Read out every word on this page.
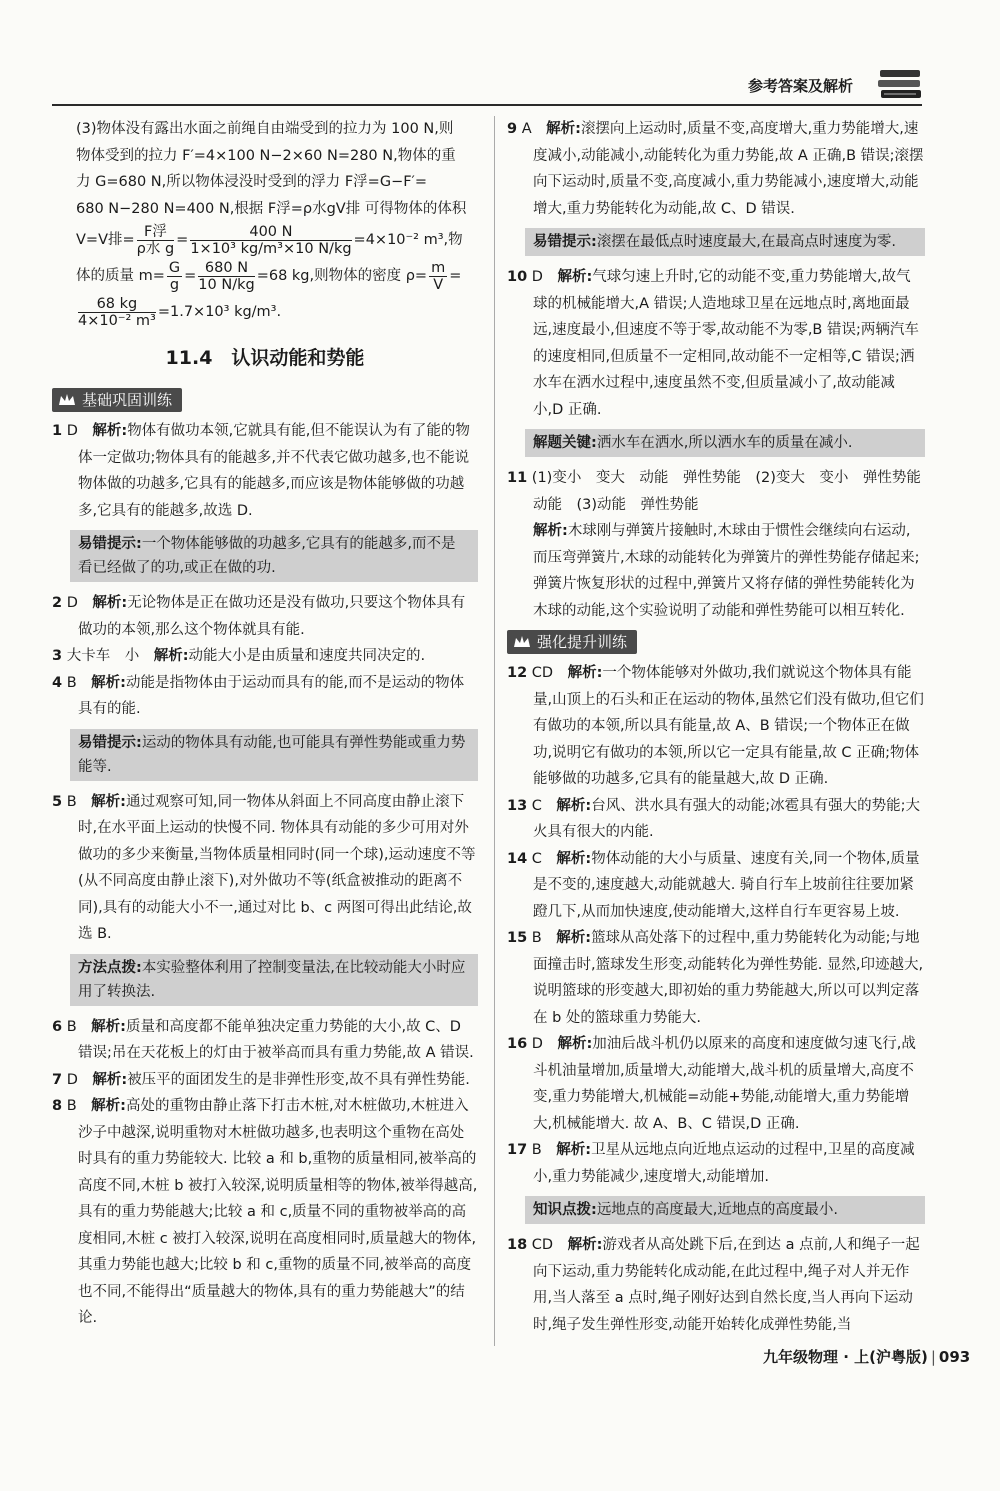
参考答案及解析
(3)物体没有露出水面之前绳自由端受到的拉力为 100 N,则
物体受到的拉力 F′=4×100 N−2×60 N=280 N,物体的重
力 G=680 N,所以物体浸没时受到的浮力 F浮=G−F′=
680 N−280 N=400 N,根据 F浮=ρ水gV排 可得物体的体积
V=V排= $\frac{\text{F浮}}{\text{ρ水 g}} = \frac{400 N}{\text{1×10³ kg/m³×10 N/kg}} =4\times 10^{-2}$ m³,物
体的质量 $m= \frac{G}{g} = \frac{680 N}{10 N/kg} =68$ kg,则物体的密度 $\rho= \frac{m}{V}$ =
$\frac{68 kg}{\text{4×10⁻² m³}} =1.7\times 10^3$ kg/m³.
11.4　认识动能和势能
基础巩固训练
1 D　 解析:物体有做功本领,它就具有能,但不能误认为有了能的物体一定做功;物体具有的能越多,并不代表它做功越多,也不能说物体做的功越多,它具有的能越多,而应该是物体能够做的功越多,它具有的能越多,故选 D.
易错提示:一个物体能够做的功越多,它具有的能越多,而不是看已经做了的功,或正在做的功.
2 D　 解析:无论物体是正在做功还是没有做功,只要这个物体具有做功的本领,那么这个物体就具有能.
3 大卡车　小　 解析:动能大小是由质量和速度共同决定的.
4 B　 解析:动能是指物体由于运动而具有的能,而不是运动的物体具有的能.
易错提示:运动的物体具有动能,也可能具有弹性势能或重力势能等.
5 B　 解析:通过观察可知,同一物体从斜面上不同高度由静止滚下时,在水平面上运动的快慢不同. 物体具有动能的多少可用对外做功的多少来衡量,当物体质量相同时(同一个球),运动速度不等(从不同高度由静止滚下),对外做功不等(纸盒被推动的距离不同),具有的动能大小不一,通过对比 b、c 两图可得出此结论,故选 B.
方法点拨:本实验整体利用了控制变量法,在比较动能大小时应用了转换法.
6 B　 解析:质量和高度都不能单独决定重力势能的大小,故 C、D 错误;吊在天花板上的灯由于被举高而具有重力势能,故 A 错误.
7 D　 解析:被压平的面团发生的是非弹性形变,故不具有弹性势能.
8 B　 解析:高处的重物由静止落下打击木桩,对木桩做功,木桩进入沙子中越深,说明重物对木桩做功越多,也表明这个重物在高处时具有的重力势能较大. 比较 a 和 b,重物的质量相同,被举高的高度不同,木桩 b 被打入较深,说明质量相等的物体,被举得越高,具有的重力势能越大;比较 a 和 c,质量不同的重物被举高的高度相同,木桩 c 被打入较深,说明在高度相同时,质量越大的物体,其重力势能也越大;比较 b 和 c,重物的质量不同,被举高的高度也不同,不能得出“质量越大的物体,具有的重力势能越大”的结论.
9 A　 解析:滚摆向上运动时,质量不变,高度增大,重力势能增大,速度减小,动能减小,动能转化为重力势能,故 A 正确,B 错误;滚摆向下运动时,质量不变,高度减小,重力势能减小,速度增大,动能增大,重力势能转化为动能,故 C、D 错误.
易错提示:滚摆在最低点时速度最大,在最高点时速度为零.
10 D　 解析:气球匀速上升时,它的动能不变,重力势能增大,故气球的机械能增大,A 错误;人造地球卫星在远地点时,离地面最远,速度最小,但速度不等于零,故动能不为零,B 错误;两辆汽车的速度相同,但质量不一定相同,故动能不一定相等,C 错误;洒水车在洒水过程中,速度虽然不变,但质量减小了,故动能减小,D 正确.
解题关键:洒水车在洒水,所以洒水车的质量在减小.
11 (1)变小　变大　动能　弹性势能　(2)变大　变小　弹性势能　动能　(3)动能　弹性势能
解析:木球刚与弹簧片接触时,木球由于惯性会继续向右运动,而压弯弹簧片,木球的动能转化为弹簧片的弹性势能存储起来;弹簧片恢复形状的过程中,弹簧片又将存储的弹性势能转化为木球的动能,这个实验说明了动能和弹性势能可以相互转化.
强化提升训练
12 CD　 解析:一个物体能够对外做功,我们就说这个物体具有能量,山顶上的石头和正在运动的物体,虽然它们没有做功,但它们有做功的本领,所以具有能量,故 A、B 错误;一个物体正在做功,说明它有做功的本领,所以它一定具有能量,故 C 正确;物体能够做的功越多,它具有的能量越大,故 D 正确.
13 C　 解析:台风、洪水具有强大的动能;冰雹具有强大的势能;大火具有很大的内能.
14 C　 解析:物体动能的大小与质量、速度有关,同一个物体,质量是不变的,速度越大,动能就越大. 骑自行车上坡前往往要加紧蹬几下,从而加快速度,使动能增大,这样自行车更容易上坡.
15 B　 解析:篮球从高处落下的过程中,重力势能转化为动能;与地面撞击时,篮球发生形变,动能转化为弹性势能. 显然,印迹越大,说明篮球的形变越大,即初始的重力势能越大,所以可以判定落在 b 处的篮球重力势能大.
16 D　 解析:加油后战斗机仍以原来的高度和速度做匀速飞行,战斗机油量增加,质量增大,动能增大,战斗机的质量增大,高度不变,重力势能增大,机械能=动能+势能,动能增大,重力势能增大,机械能增大. 故 A、B、C 错误,D 正确.
17 B　 解析:卫星从远地点向近地点运动的过程中,卫星的高度减小,重力势能减少,速度增大,动能增加.
知识点拨:远地点的高度最大,近地点的高度最小.
18 CD　 解析:游戏者从高处跳下后,在到达 a 点前,人和绳子一起向下运动,重力势能转化成动能,在此过程中,绳子对人并无作用,当人落至 a 点时,绳子刚好达到自然长度,当人再向下运动时,绳子发生弹性形变,动能开始转化成弹性势能,当
九年级物理 · 上(沪粤版) | 093
